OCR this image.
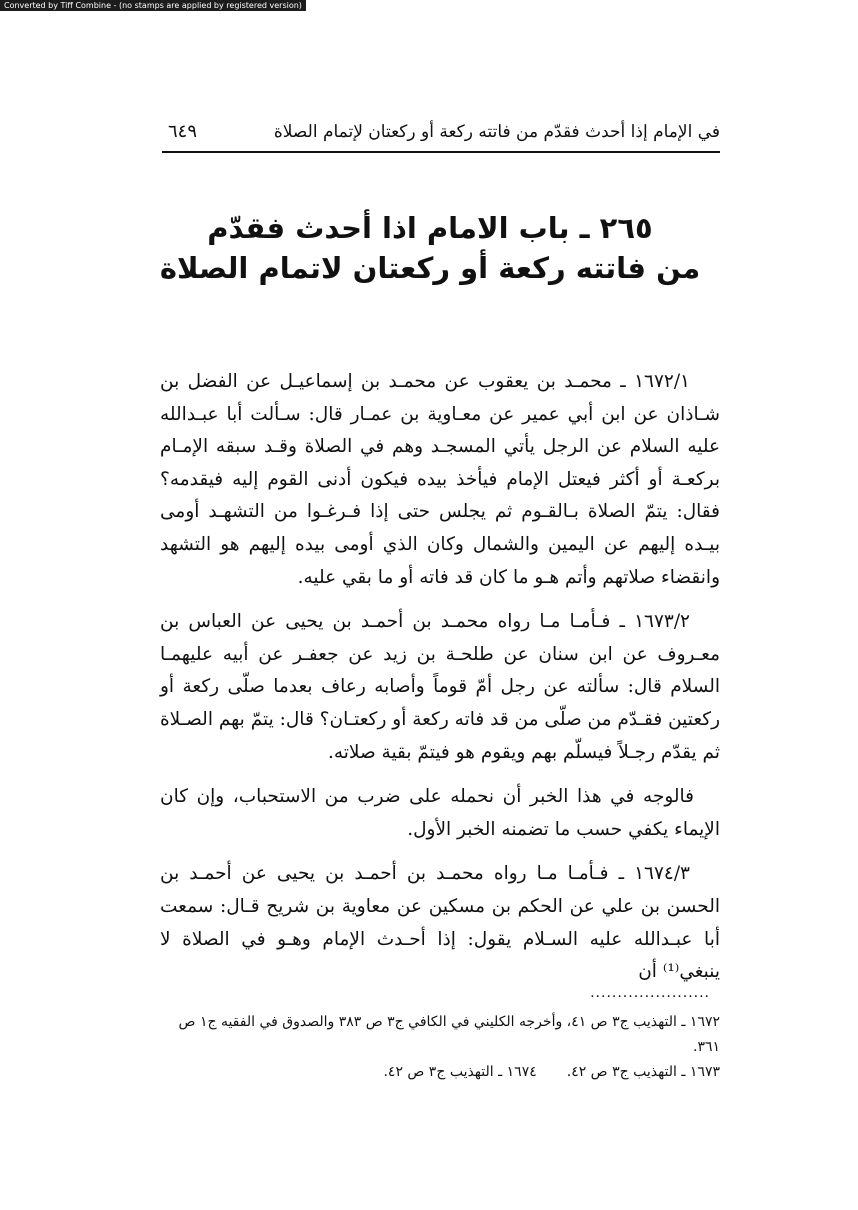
Converted by Tiff Combine - (no stamps are applied by registered version)
في الإمام إذا أحدث فقدّم من فاتته ركعة أو ركعتان لإتمام الصلاة
٦٤٩
٢٦٥ ـ باب الامام اذا أحدث فقدّم
من فاتته ركعة أو ركعتان لاتمام الصلاة

١٦٧٢/١ ـ محمـد بن يعقوب عن محمـد بن إسماعيـل عن الفضل بن شـاذان عن ابن أبي عمير عن معـاوية بن عمـار قال: سـألت أبا عبـدالله عليه السلام عن الرجل يأتي المسجـد وهم في الصلاة وقـد سبقه الإمـام بركعـة أو أكثر فيعتل الإمام فيأخذ بيده فيكون أدنى القوم إليه فيقدمه؟ فقال: يتمّ الصلاة بـالقـوم ثم يجلس حتى إذا فـرغـوا من التشهـد أومى بيـده إليهم عن اليمين والشمال وكان الذي أومى بيده إليهم هو التشهد وانقضاء صلاتهم وأتم هـو ما كان قد فاته أو ما بقي عليه.

١٦٧٣/٢ ـ فـأمـا مـا رواه محمـد بن أحمـد بن يحيى عن العباس بن معـروف عن ابن سنان عن طلحـة بن زيد عن جعفـر عن أبيه عليهمـا السلام قال: سألته عن رجل أمّ قوماً وأصابه رعاف بعدما صلّى ركعة أو ركعتين فقـدّم من صلّى من قد فاته ركعة أو ركعتـان؟ قال: يتمّ بهم الصـلاة ثم يقدّم رجـلاً فيسلّم بهم ويقوم هو فيتمّ بقية صلاته.

فالوجه في هذا الخبر أن نحمله على ضرب من الاستحباب، وإن كان الإيماء يكفي حسب ما تضمنه الخبر الأول.

١٦٧٤/٣ ـ فـأمـا مـا رواه محمـد بن أحمـد بن يحيى عن أحمـد بن الحسن بن علي عن الحكم بن مسكين عن معاوية بن شريح قـال: سمعت أبا عبـدالله عليه السـلام يقول: إذا أحـدث الإمام وهـو في الصلاة لا ينبغي⁽¹⁾ أن

......................

١٦٧٢ ـ التهذيب ج٣ ص ٤١، وأخرجه الكليني في الكافي ج٣ ص ٣٨٣ والصدوق في الفقيه ج١ ص ٣٦١.

١٦٧٣ ـ التهذيب ج٣ ص ٤٢.١٦٧٤ ـ التهذيب ج٣ ص ٤٢.
